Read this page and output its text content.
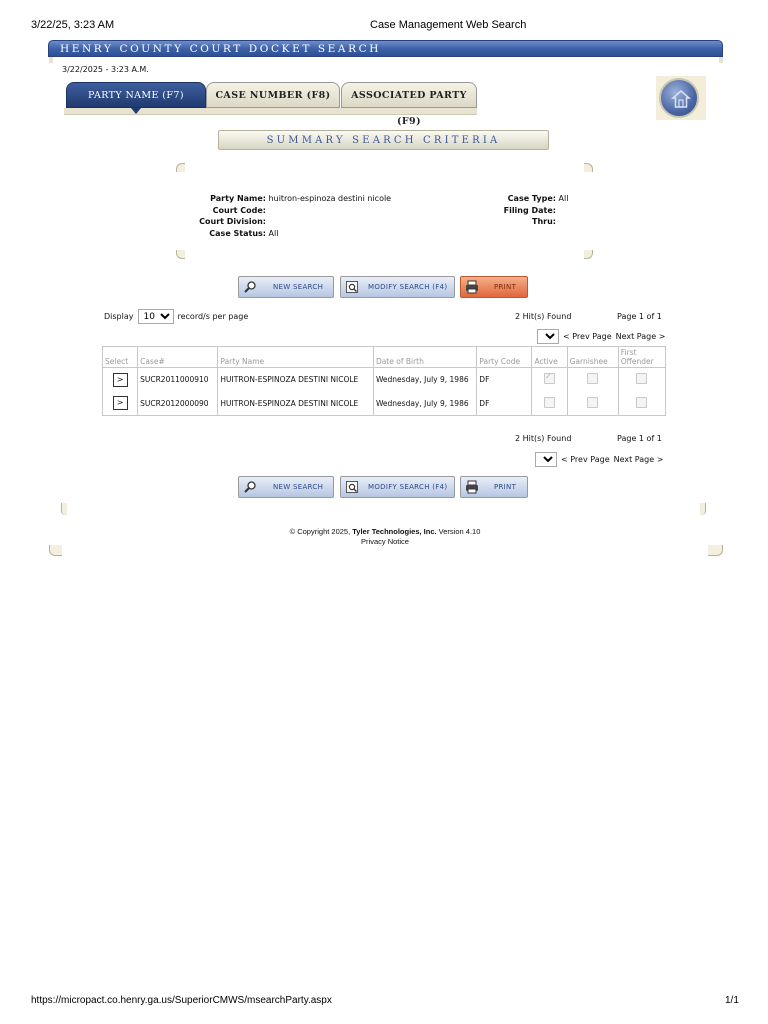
3/22/25, 3:23 AM	Case Management Web Search
HENRY COUNTY COURT DOCKET SEARCH
3/22/2025 - 3:23 A.M.
PARTY NAME (F7)	CASE NUMBER (F8)	ASSOCIATED PARTY (F9)
SUMMARY SEARCH CRITERIA
Party Name: huitron-espinoza destini nicole
Court Code:
Court Division:
Case Status: All
Case Type: All
Filing Date:
Thru:
NEW SEARCH	MODIFY SEARCH (F4)	PRINT
Display
10	record/s per page	2 Hit(s) Found	Page 1 of 1
1
< Prev Page Next Page >
Select	Case#	Party Name	Date of Birth	Party Code	Active	Garnishee	First Offender
>	SUCR2011000910	HUITRON-ESPINOZA DESTINI NICOLE	Wednesday, July 9, 1986	DF	✓		
>	SUCR2012000090	HUITRON-ESPINOZA DESTINI NICOLE	Wednesday, July 9, 1986	DF			
2 Hit(s) Found	Page 1 of 1
1
< Prev Page Next Page >
NEW SEARCH	MODIFY SEARCH (F4)	PRINT
© Copyright 2025, Tyler Technologies, Inc. Version 4.10
Privacy Notice
https://micropact.co.henry.ga.us/SuperiorCMWS/msearchParty.aspx	1/1
